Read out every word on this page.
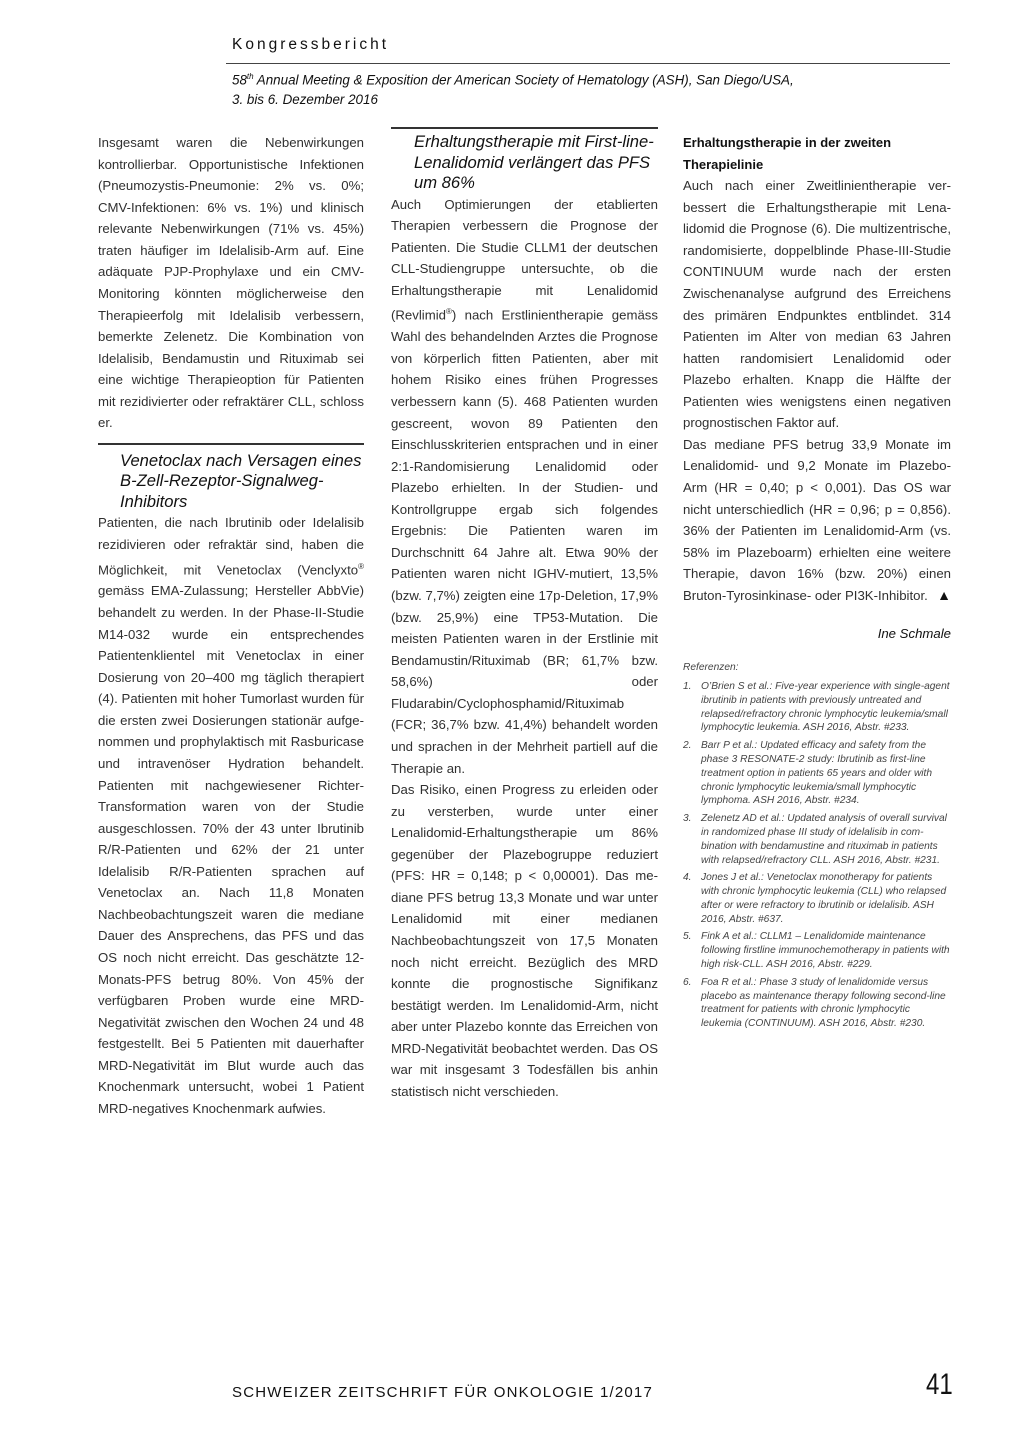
Kongressbericht
58th Annual Meeting & Exposition der American Society of Hematology (ASH), San Diego/USA,
3. bis 6. Dezember 2016

Insgesamt waren die Nebenwirkungen kontrollierbar. Opportunistische Infektionen (Pneumozystis-Pneumonie: 2% vs. 0%; CMV-Infektionen: 6% vs. 1%) und klinisch relevante Nebenwirkungen (71% vs. 45%) traten häufiger im Idelalisib-Arm auf. Eine adäquate PJP-Prophylaxe und ein CMV-Monitoring könnten möglicherweise den Therapieerfolg mit Idelalisib verbessern, bemerkte Zelenetz. Die Kombination von Idelalisib, Bendamustin und Rituximab sei eine wichtige Therapieoption für Patienten mit rezidivierter oder refraktärer CLL, schloss er.

Venetoclax nach Versagen eines B-Zell-Rezeptor-Signalweg-Inhibitors

Patienten, die nach Ibrutinib oder Idelalisib rezidivieren oder refraktär sind, haben die Möglichkeit, mit Venetoclax (Venclyxto® gemäss EMA-Zulassung; Hersteller AbbVie) behandelt zu werden. In der Phase-II-Studie M14-032 wurde ein entsprechendes Patientenklientel mit Venetoclax in einer Dosierung von 20–400 mg täglich therapiert (4). Patienten mit hoher Tumorlast wurden für die ersten zwei Dosierungen stationär aufgenommen und prophylaktisch mit Rasburicase und intravenöser Hydration behandelt. Patienten mit nachgewiesener Richter-Transformation waren von der Studie ausgeschlossen. 70% der 43 unter Ibrutinib R/R-Patienten und 62% der 21 unter Idelalisib R/R-Patienten sprachen auf Venetoclax an. Nach 11,8 Monaten Nachbeobachtungszeit waren die mediane Dauer des Ansprechens, das PFS und das OS noch nicht erreicht. Das geschätzte 12-Monats-PFS betrug 80%. Von 45% der verfügbaren Proben wurde eine MRD-Negativität zwischen den Wochen 24 und 48 festgestellt. Bei 5 Patienten mit dauerhafter MRD-Negativität im Blut wurde auch das Knochenmark untersucht, wobei 1 Patient MRD-negatives Knochenmark aufwies.

Erhaltungstherapie mit First-line-Lenalidomid verlängert das PFS um 86%

Auch Optimierungen der etablierten Therapien verbessern die Prognose der Patienten. Die Studie CLLM1 der deutschen CLL-Studiengruppe untersuchte, ob die Erhaltungstherapie mit Lenalidomid (Revlimid®) nach Erstlinientherapie gemäss Wahl des behandelnden Arztes die Prognose von körperlich fitten Patienten, aber mit hohem Risiko eines frühen Progresses verbessern kann (5). 468 Patienten wurden gescreent, wovon 89 Patienten den Einschlusskriterien entsprachen und in einer 2:1-Randomisierung Lenalidomid oder Plazebo erhielten. In der Studien- und Kontrollgruppe ergab sich folgendes Ergebnis: Die Patienten waren im Durchschnitt 64 Jahre alt. Etwa 90% der Patienten waren nicht IGHV-mutiert, 13,5% (bzw. 7,7%) zeigten eine 17p-Deletion, 17,9% (bzw. 25,9%) eine TP53-Mutation. Die meisten Patienten waren in der Erstlinie mit Bendamustin/Rituximab (BR; 61,7% bzw. 58,6%) oder Fludarabin/Cyclophosphamid/Rituximab (FCR; 36,7% bzw. 41,4%) behandelt worden und sprachen in der Mehrheit partiell auf die Therapie an.

Das Risiko, einen Progress zu erleiden oder zu versterben, wurde unter einer Lenalidomid-Erhaltungstherapie um 86% gegenüber der Plazebogruppe reduziert (PFS: HR = 0,148; p < 0,00001). Das mediane PFS betrug 13,3 Monate und war unter Lenalidomid mit einer medianen Nachbeobachtungszeit von 17,5 Monaten noch nicht erreicht. Bezüglich des MRD konnte die prognostische Signifikanz bestätigt werden. Im Lenalidomid-Arm, nicht aber unter Plazebo konnte das Erreichen von MRD-Negativität beobachtet werden. Das OS war mit insgesamt 3 Todesfällen bis anhin statistisch nicht verschieden.

Erhaltungstherapie in der zweiten Therapielinie

Auch nach einer Zweitlinientherapie verbessert die Erhaltungstherapie mit Lenalidomid die Prognose (6). Die multizentrische, randomisierte, doppelblinde Phase-III-Studie CONTINUUM wurde nach der ersten Zwischenanalyse aufgrund des Erreichens des primären Endpunktes entblindet. 314 Patienten im Alter von median 63 Jahren hatten randomisiert Lenalidomid oder Plazebo erhalten. Knapp die Hälfte der Patienten wies wenigstens einen negativen prognostischen Faktor auf.

Das mediane PFS betrug 33,9 Monate im Lenalidomid- und 9,2 Monate im Plazebo-Arm (HR = 0,40; p < 0,001). Das OS war nicht unterschiedlich (HR = 0,96; p = 0,856). 36% der Patienten im Lenalidomid-Arm (vs. 58% im Plazeboarm) erhielten eine weitere Therapie, davon 16% (bzw. 20%) einen Bruton-Tyrosinkinase- oder PI3K-Inhibitor. ▲

Ine Schmale
Referenzen:
1. O’Brien S et al.: Five-year experience with single-agent ibrutinib in patients with previously untreated and relapsed/refractory chronic lymphocytic leukemia/small lymphocytic leukemia. ASH 2016, Abstr. #233.
2. Barr P et al.: Updated efficacy and safety from the phase 3 RESONATE-2 study: Ibrutinib as first-line treatment option in patients 65 years and older with chronic lymphocytic leukemia/small lymphocytic lymphoma. ASH 2016, Abstr. #234.
3. Zelenetz AD et al.: Updated analysis of overall survival in randomized phase III study of idelalisib in combination with bendamustine and rituximab in patients with relapsed/refractory CLL. ASH 2016, Abstr. #231.
4. Jones J et al.: Venetoclax monotherapy for patients with chronic lymphocytic leukemia (CLL) who relapsed after or were refractory to ibrutinib or idelalisib. ASH 2016, Abstr. #637.
5. Fink A et al.: CLLM1 – Lenalidomide maintenance following firstline immunochemotherapy in patients with high risk-CLL. ASH 2016, Abstr. #229.
6. Foa R et al.: Phase 3 study of lenalidomide versus placebo as maintenance therapy following second-line treatment for patients with chronic lymphocytic leukemia (CONTINUUM). ASH 2016, Abstr. #230.
SCHWEIZER ZEITSCHRIFT FÜR ONKOLOGIE 1/2017	41
